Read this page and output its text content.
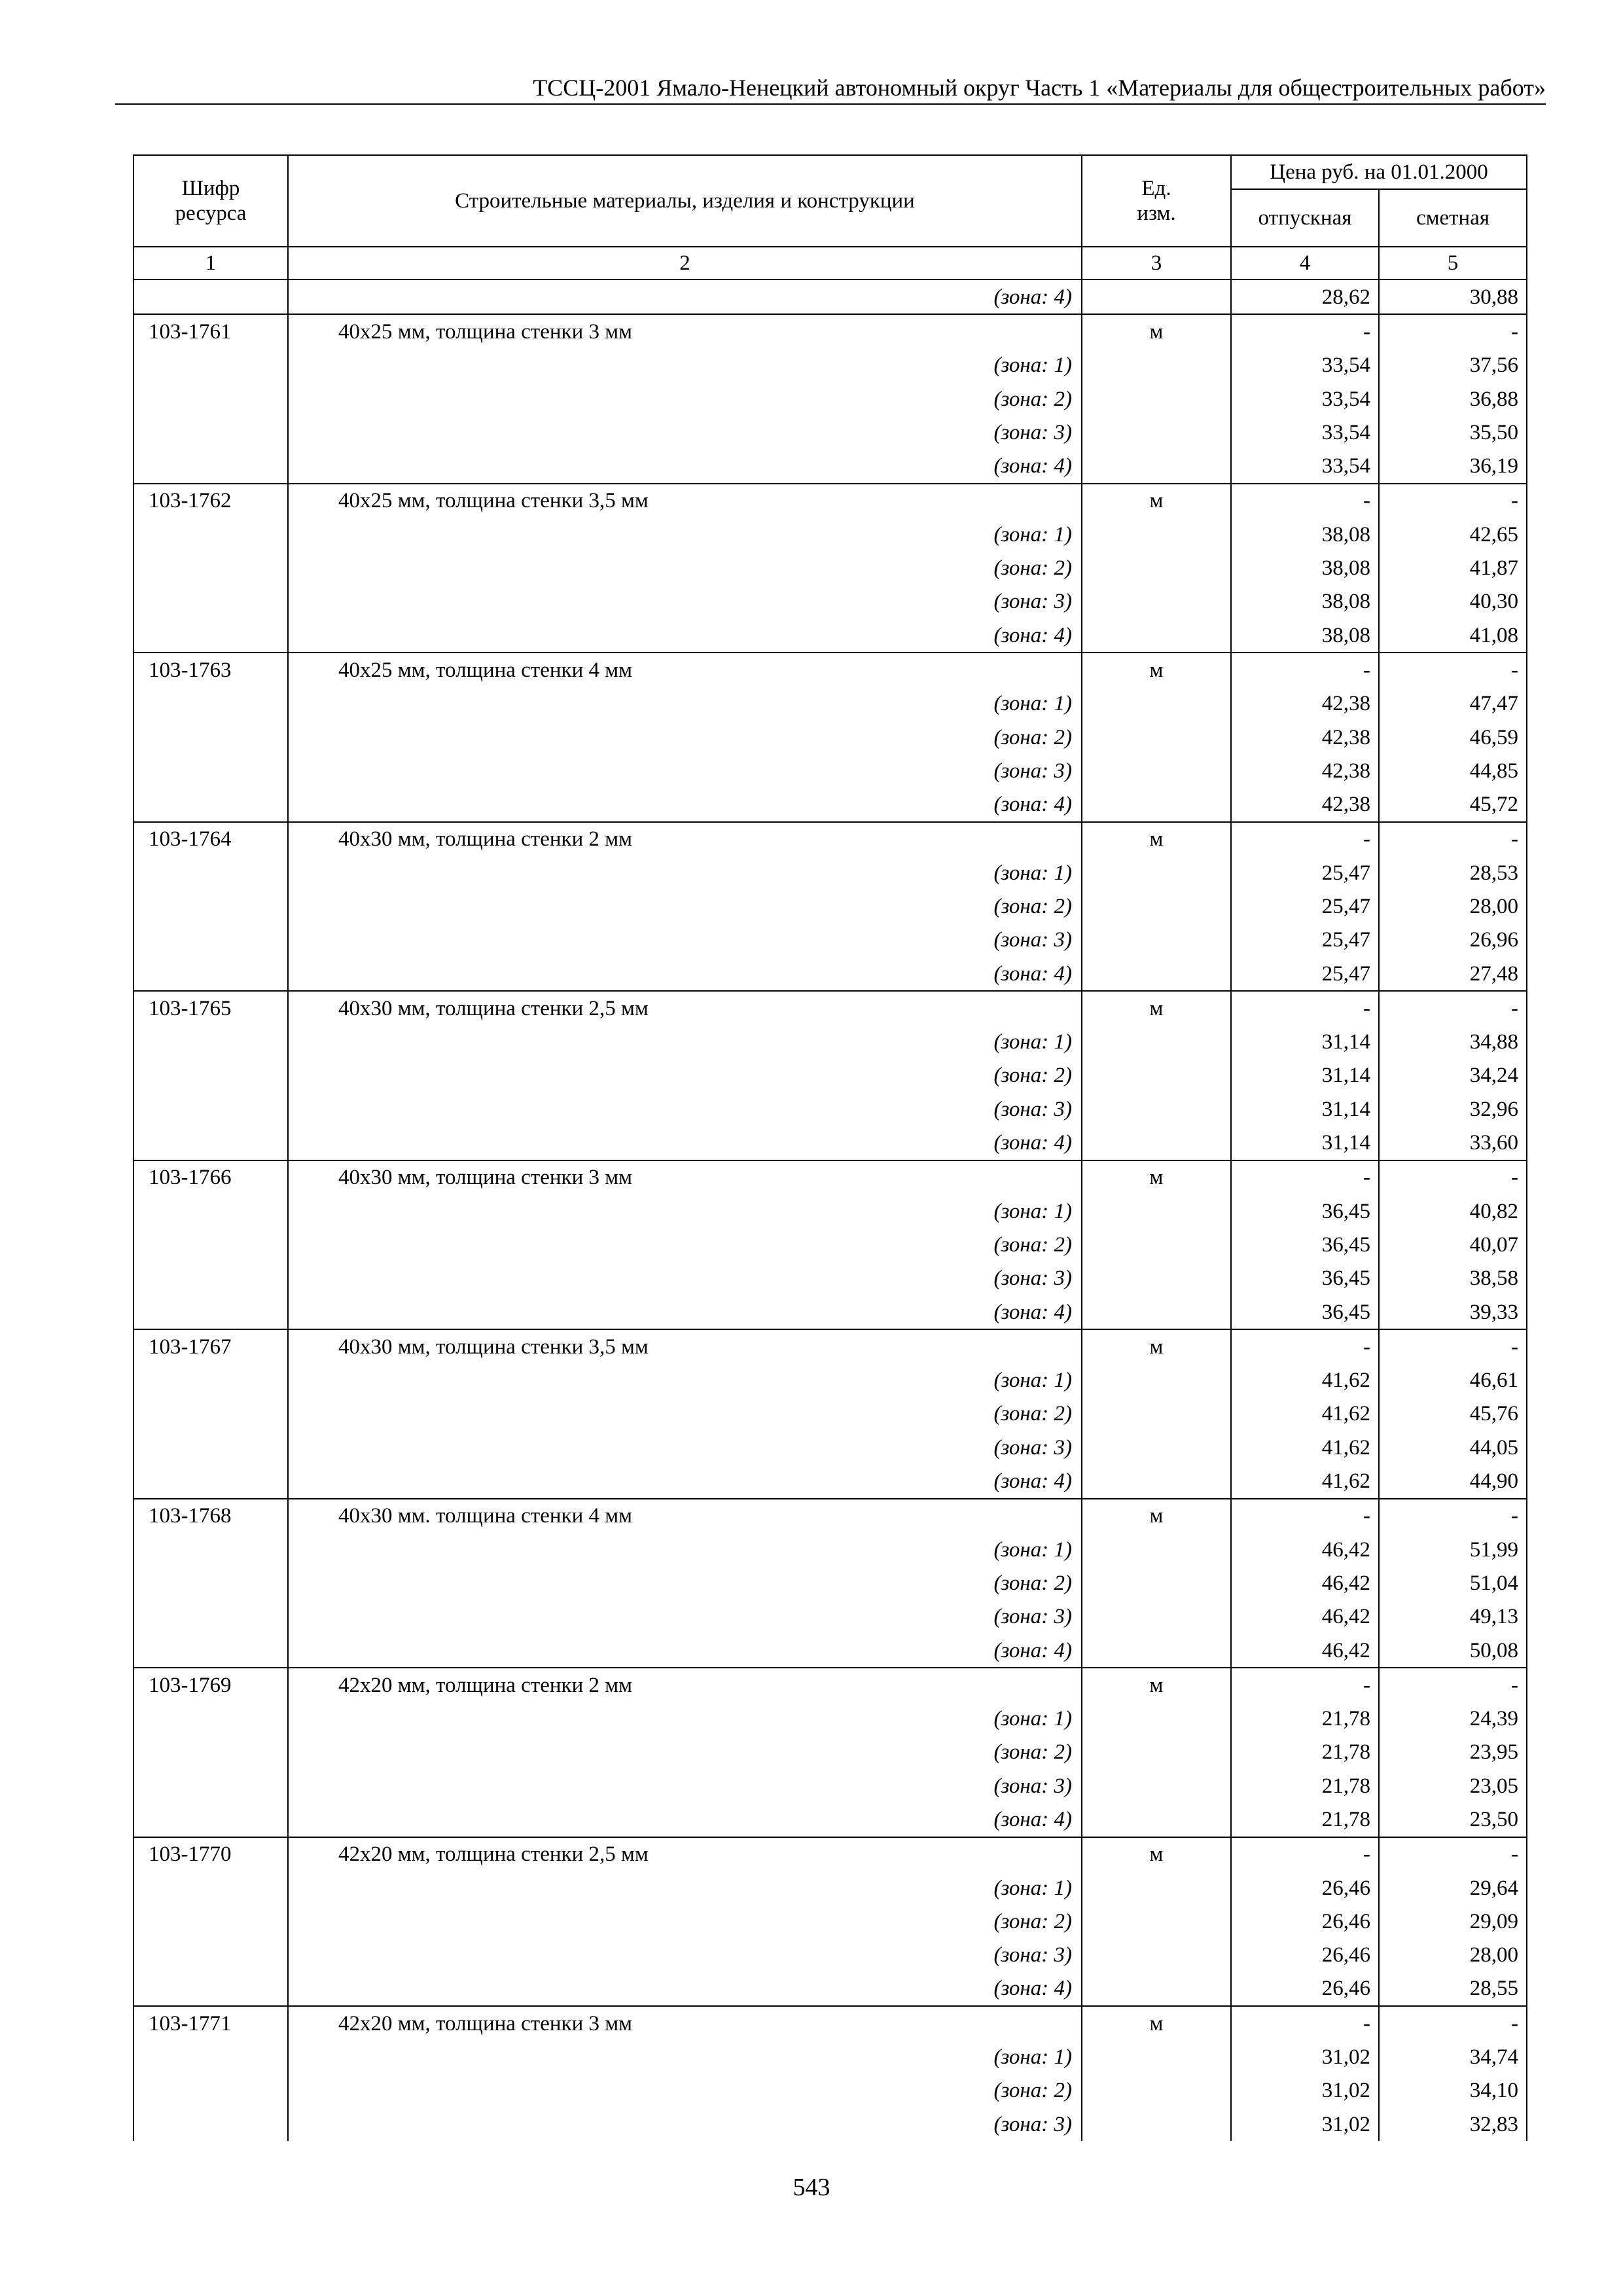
ТССЦ-2001 Ямало-Ненецкий автономный округ Часть 1 «Материалы для общестроительных работ»
Шифр ресурса	Строительные материалы, изделия и конструкции	Ед. изм.	Цена руб. на 01.01.2000	
			отпускная	сметная
1	2	3	4	5
	(зона: 4)		28,62	30,88
103-1761	40x25 мм, толщина стенки 3 мм	м	-	-
	(зона: 1)		33,54	37,56
	(зона: 2)		33,54	36,88
	(зона: 3)		33,54	35,50
	(зона: 4)		33,54	36,19
103-1762	40x25 мм, толщина стенки 3,5 мм	м	-	-
	(зона: 1)		38,08	42,65
	(зона: 2)		38,08	41,87
	(зона: 3)		38,08	40,30
	(зона: 4)		38,08	41,08
103-1763	40x25 мм, толщина стенки 4 мм	м	-	-
	(зона: 1)		42,38	47,47
	(зона: 2)		42,38	46,59
	(зона: 3)		42,38	44,85
	(зона: 4)		42,38	45,72
103-1764	40x30 мм, толщина стенки 2 мм	м	-	-
	(зона: 1)		25,47	28,53
	(зона: 2)		25,47	28,00
	(зона: 3)		25,47	26,96
	(зона: 4)		25,47	27,48
103-1765	40x30 мм, толщина стенки 2,5 мм	м	-	-
	(зона: 1)		31,14	34,88
	(зона: 2)		31,14	34,24
	(зона: 3)		31,14	32,96
	(зона: 4)		31,14	33,60
103-1766	40x30 мм, толщина стенки 3 мм	м	-	-
	(зона: 1)		36,45	40,82
	(зона: 2)		36,45	40,07
	(зона: 3)		36,45	38,58
	(зона: 4)		36,45	39,33
103-1767	40x30 мм, толщина стенки 3,5 мм	м	-	-
	(зона: 1)		41,62	46,61
	(зона: 2)		41,62	45,76
	(зона: 3)		41,62	44,05
	(зона: 4)		41,62	44,90
103-1768	40x30 мм. толщина стенки 4 мм	м	-	-
	(зона: 1)		46,42	51,99
	(зона: 2)		46,42	51,04
	(зона: 3)		46,42	49,13
	(зона: 4)		46,42	50,08
103-1769	42x20 мм, толщина стенки 2 мм	м	-	-
	(зона: 1)		21,78	24,39
	(зона: 2)		21,78	23,95
	(зона: 3)		21,78	23,05
	(зона: 4)		21,78	23,50
103-1770	42x20 мм, толщина стенки 2,5 мм	м	-	-
	(зона: 1)		26,46	29,64
	(зона: 2)		26,46	29,09
	(зона: 3)		26,46	28,00
	(зона: 4)		26,46	28,55
103-1771	42x20 мм, толщина стенки 3 мм	м	-	-
	(зона: 1)		31,02	34,74
	(зона: 2)		31,02	34,10
	(зона: 3)		31,02	32,83
543
